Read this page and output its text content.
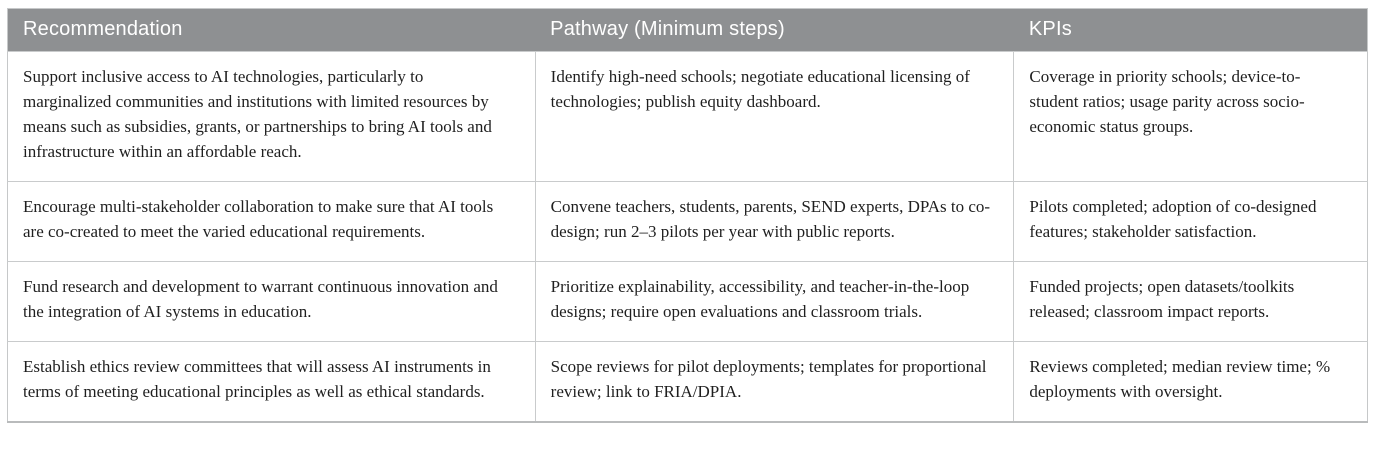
Recommendation	Pathway (Minimum steps)	KPIs
Support inclusive access to AI technologies, particularly to marginalized communities and institutions with limited resources by means such as subsidies, grants, or partnerships to bring AI tools and infrastructure within an affordable reach.	Identify high-need schools; negotiate educational licensing of technologies; publish equity dashboard.	Coverage in priority schools; device-to-student ratios; usage parity across socio-economic status groups.
Encourage multi-stakeholder collaboration to make sure that AI tools are co-created to meet the varied educational requirements.	Convene teachers, students, parents, SEND experts, DPAs to co-design; run 2–3 pilots per year with public reports.	Pilots completed; adoption of co-designed features; stakeholder satisfaction.
Fund research and development to warrant continuous innovation and the integration of AI systems in education.	Prioritize explainability, accessibility, and teacher-in-the-loop designs; require open evaluations and classroom trials.	Funded projects; open datasets/toolkits released; classroom impact reports.
Establish ethics review committees that will assess AI instruments in terms of meeting educational principles as well as ethical standards.	Scope reviews for pilot deployments; templates for proportional review; link to FRIA/DPIA.	Reviews completed; median review time; % deployments with oversight.
